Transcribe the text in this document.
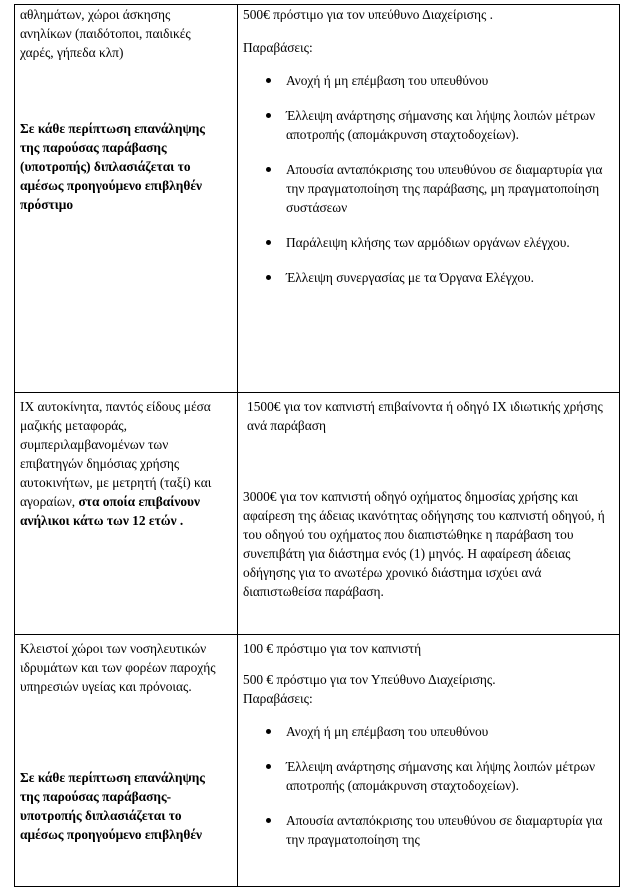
αθλημάτων, χώροι άσκησης ανηλίκων (παιδότοποι, παιδικές χαρές, γήπεδα κλπ)

Σε κάθε περίπτωση επανάληψης της παρούσας παράβασης (υποτροπής) διπλασιάζεται το αμέσως προηγούμενο επιβληθέν πρόστιμο

500€ πρόστιμο για τον υπεύθυνο Διαχείρισης .

Παραβάσεις:

Ανοχή ή μη επέμβαση του υπευθύνου
Έλλειψη ανάρτησης σήμανσης και λήψης λοιπών μέτρων αποτροπής (απομάκρυνση σταχτοδοχείων).
Απουσία ανταπόκρισης του υπευθύνου σε διαμαρτυρία για την πραγματοποίηση της παράβασης, μη πραγματοποίηση συστάσεων
Παράλειψη κλήσης των αρμόδιων οργάνων ελέγχου.
Έλλειψη συνεργασίας με τα Όργανα Ελέγχου.

ΙΧ αυτοκίνητα, παντός είδους μέσα μαζικής μεταφοράς, συμπεριλαμβανομένων των επιβατηγών δημόσιας χρήσης αυτοκινήτων, με μετρητή (ταξί) και αγοραίων, στα οποία επιβαίνουν ανήλικοι κάτω των 12 ετών .

1500€ για τον καπνιστή επιβαίνοντα ή οδηγό ΙΧ ιδιωτικής χρήσης ανά παράβαση

3000€ για τον καπνιστή οδηγό οχήματος δημοσίας χρήσης και αφαίρεση της άδειας ικανότητας οδήγησης του καπνιστή οδηγού, ή του οδηγού του οχήματος που διαπιστώθηκε η παράβαση του συνεπιβάτη για διάστημα ενός (1) μηνός. Η αφαίρεση άδειας οδήγησης για το ανωτέρω χρονικό διάστημα ισχύει ανά διαπιστωθείσα παράβαση.

Κλειστοί χώροι των νοσηλευτικών ιδρυμάτων και των φορέων παροχής υπηρεσιών υγείας και πρόνοιας.

Σε κάθε περίπτωση επανάληψης της παρούσας παράβασης-υποτροπής διπλασιάζεται το αμέσως προηγούμενο επιβληθέν

100 € πρόστιμο για τον καπνιστή

500 € πρόστιμο για τον Υπεύθυνο Διαχείρισης.

Παραβάσεις:

Ανοχή ή μη επέμβαση του υπευθύνου
Έλλειψη ανάρτησης σήμανσης και λήψης λοιπών μέτρων αποτροπής (απομάκρυνση σταχτοδοχείων).
Απουσία ανταπόκρισης του υπευθύνου σε διαμαρτυρία για την πραγματοποίηση της
